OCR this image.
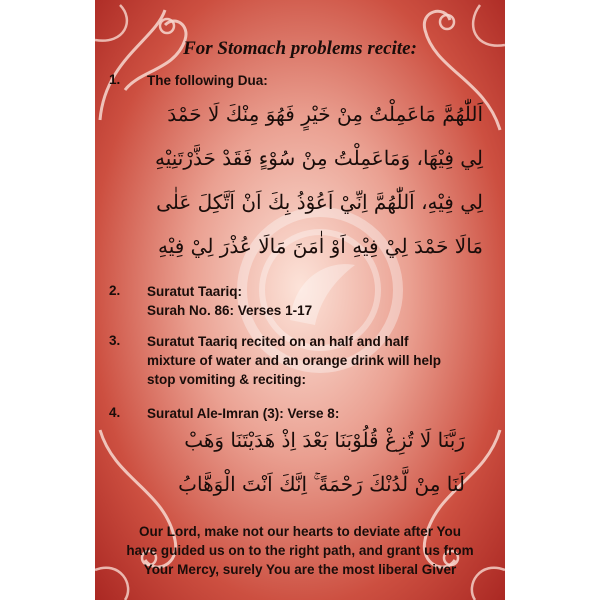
For Stomach problems recite:
1. The following Dua:
اَللّٰهُمَّ مَاعَمِلْتُ مِنْ خَيْرٍ فَهُوَ مِنْكَ لَا حَمْدَ
لِي فِيْهَا، وَمَاعَمِلْتُ مِنْ سُوْءٍ فَقَدْ حَذَّرْتَنِيْهِ
لِي فِيْهِ، اَللّٰهُمَّ اِنِّيْ اَعُوْذُ بِكَ اَنْ اَتَّكِلَ عَلٰى
مَالَا حَمْدَ لِيْ فِيْهِ اَوْ اٰمَنَ مَالَا عُذْرَ لِيْ فِيْهِ
2. Suratut Taariq:
Surah No. 86: Verses 1-17
3. Suratut Taariq recited on an half and half
mixture of water and an orange drink will help
stop vomiting & reciting:
4. Suratul Ale-Imran (3): Verse 8:
رَبَّنَا لَا تُزِغْ قُلُوْبَنَا بَعْدَ اِذْ هَدَيْتَنَا وَهَبْ
لَنَا مِنْ لَّدُنْكَ رَحْمَةً ۚ اِنَّكَ اَنْتَ الْوَهَّابُ
Our Lord, make not our hearts to deviate after You
have guided us on to the right path, and grant us from
Your Mercy, surely You are the most liberal Giver
